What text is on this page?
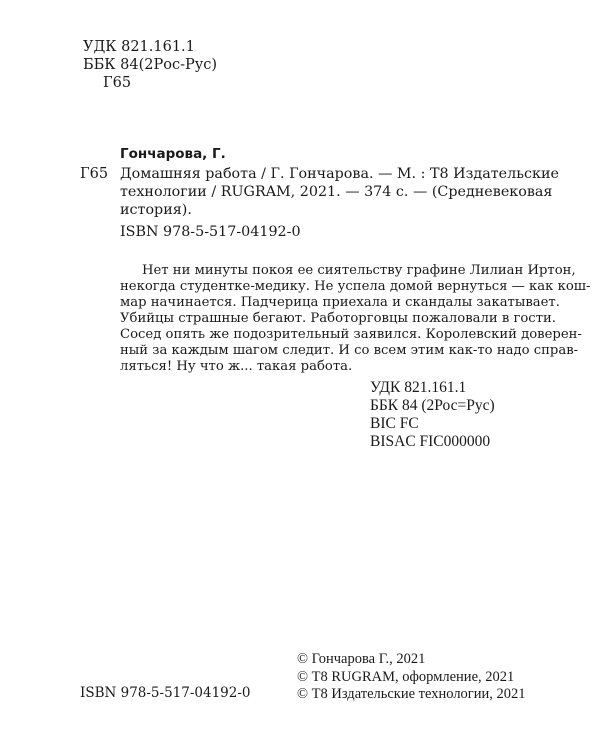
УДК 821.161.1
ББК 84(2Рос-Рус)
Г65
Гончарова, Г.
Г65 Домашняя работа / Г. Гончарова. — М. : Т8 Издательские
технологии / RUGRAM, 2021. — 374 с. — (Средневековая
история).
ISBN 978-5-517-04192-0
Нет ни минуты покоя ее сиятельству графине Лилиан Иртон,
некогда студентке-медику. Не успела домой вернуться — как кош-
мар начинается. Падчерица приехала и скандалы закатывает.
Убийцы страшные бегают. Работорговцы пожаловали в гости.
Сосед опять же подозрительный заявился. Королевский доверен-
ный за каждым шагом следит. И со всем этим как-то надо справ-
ляться! Ну что ж... такая работа.
УДК 821.161.1
ББК 84 (2Рос=Рус)
BIC FC
BISAC FIC000000
ISBN 978-5-517-04192-0
© Гончарова Г., 2021
© Т8 RUGRAM, оформление, 2021
© Т8 Издательские технологии, 2021
